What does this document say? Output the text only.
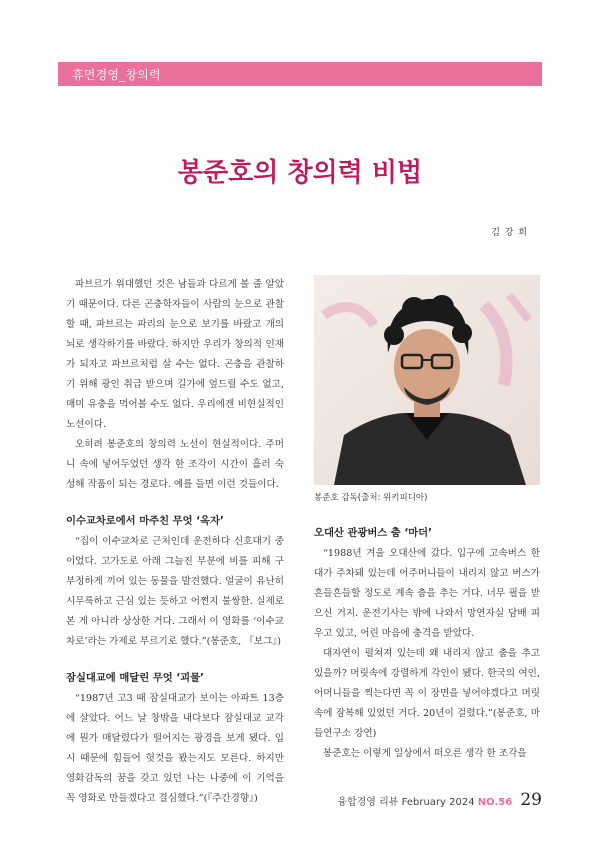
휴먼경영_창의력
봉준호의 창의력 비법
김 강 희

파브르가 위대했던 것은 남들과 다르게 볼 줄 알았기 때문이다. 다른 곤충학자들이 사람의 눈으로 관찰할 때, 파브르는 파리의 눈으로 보기를 바랐고 개의 뇌로 생각하기를 바랐다. 하지만 우리가 창의적 인재가 되자고 파브르처럼 살 수는 없다. 곤충을 관찰하기 위해 광인 취급 받으며 길가에 엎드릴 수도 없고, 매미 유충을 먹어볼 수도 없다. 우리에겐 비현실적인 노선이다.

오히려 봉준호의 창의력 노선이 현실적이다. 주머니 속에 넣어두었던 생각 한 조각이 시간이 흘러 숙성해 작품이 되는 경로다. 예를 들면 이런 것들이다.

이수교차로에서 마주친 무엇 ‘옥자’

“집이 이수교차로 근처인데 운전하다 신호대기 중이었다. 고가도로 아래 그늘진 부분에 비를 피해 구부정하게 끼여 있는 동물을 발견했다. 얼굴이 유난히 시무룩하고 근심 있는 듯하고 어쩐지 불쌍한. 실제로 본 게 아니라 상상한 거다. 그래서 이 영화를 ‘이수교차로’라는 가제로 부르기로 했다.”(봉준호, 『보그』)

잠실대교에 매달린 무엇 ‘괴물’

“1987년 고3 때 잠실대교가 보이는 아파트 13층에 살았다. 어느 날 창밖을 내다보다 잠실대교 교각에 뭔가 매달렸다가 떨어지는 광경을 보게 됐다. 입시 때문에 힘들어 헛것을 봤는지도 모른다. 하지만 영화감독의 꿈을 갖고 있던 나는 나중에 이 기억을 꼭 영화로 만들겠다고 결심했다.”(『주간경향』)

봉준호 감독(출처: 위키피디아)
오대산 관광버스 춤 ‘마더’

“1988년 겨울 오대산에 갔다. 입구에 고속버스 한 대가 주차돼 있는데 어주머니들이 내리지 않고 버스가 흔들흔들할 정도로 계속 춤을 추는 거다. 너무 필을 받으신 거지. 운전기사는 밖에 나와서 망연자실 담배 피우고 있고, 어린 마음에 충격을 받았다.

대자연이 펼쳐져 있는데 왜 내리지 않고 춤을 추고 있을까? 머릿속에 강렬하게 각인이 됐다. 한국의 여인, 어머니들을 찍는다면 꼭 이 장면을 넣어야겠다고 머릿속에 잠복해 있었던 거다. 20년이 걸렸다.”(봉준호, 마들연구소 강연)

봉준호는 이렇게 일상에서 떠오른 생각 한 조각을

융합경영 리뷰 February 2024 NO.56 29
